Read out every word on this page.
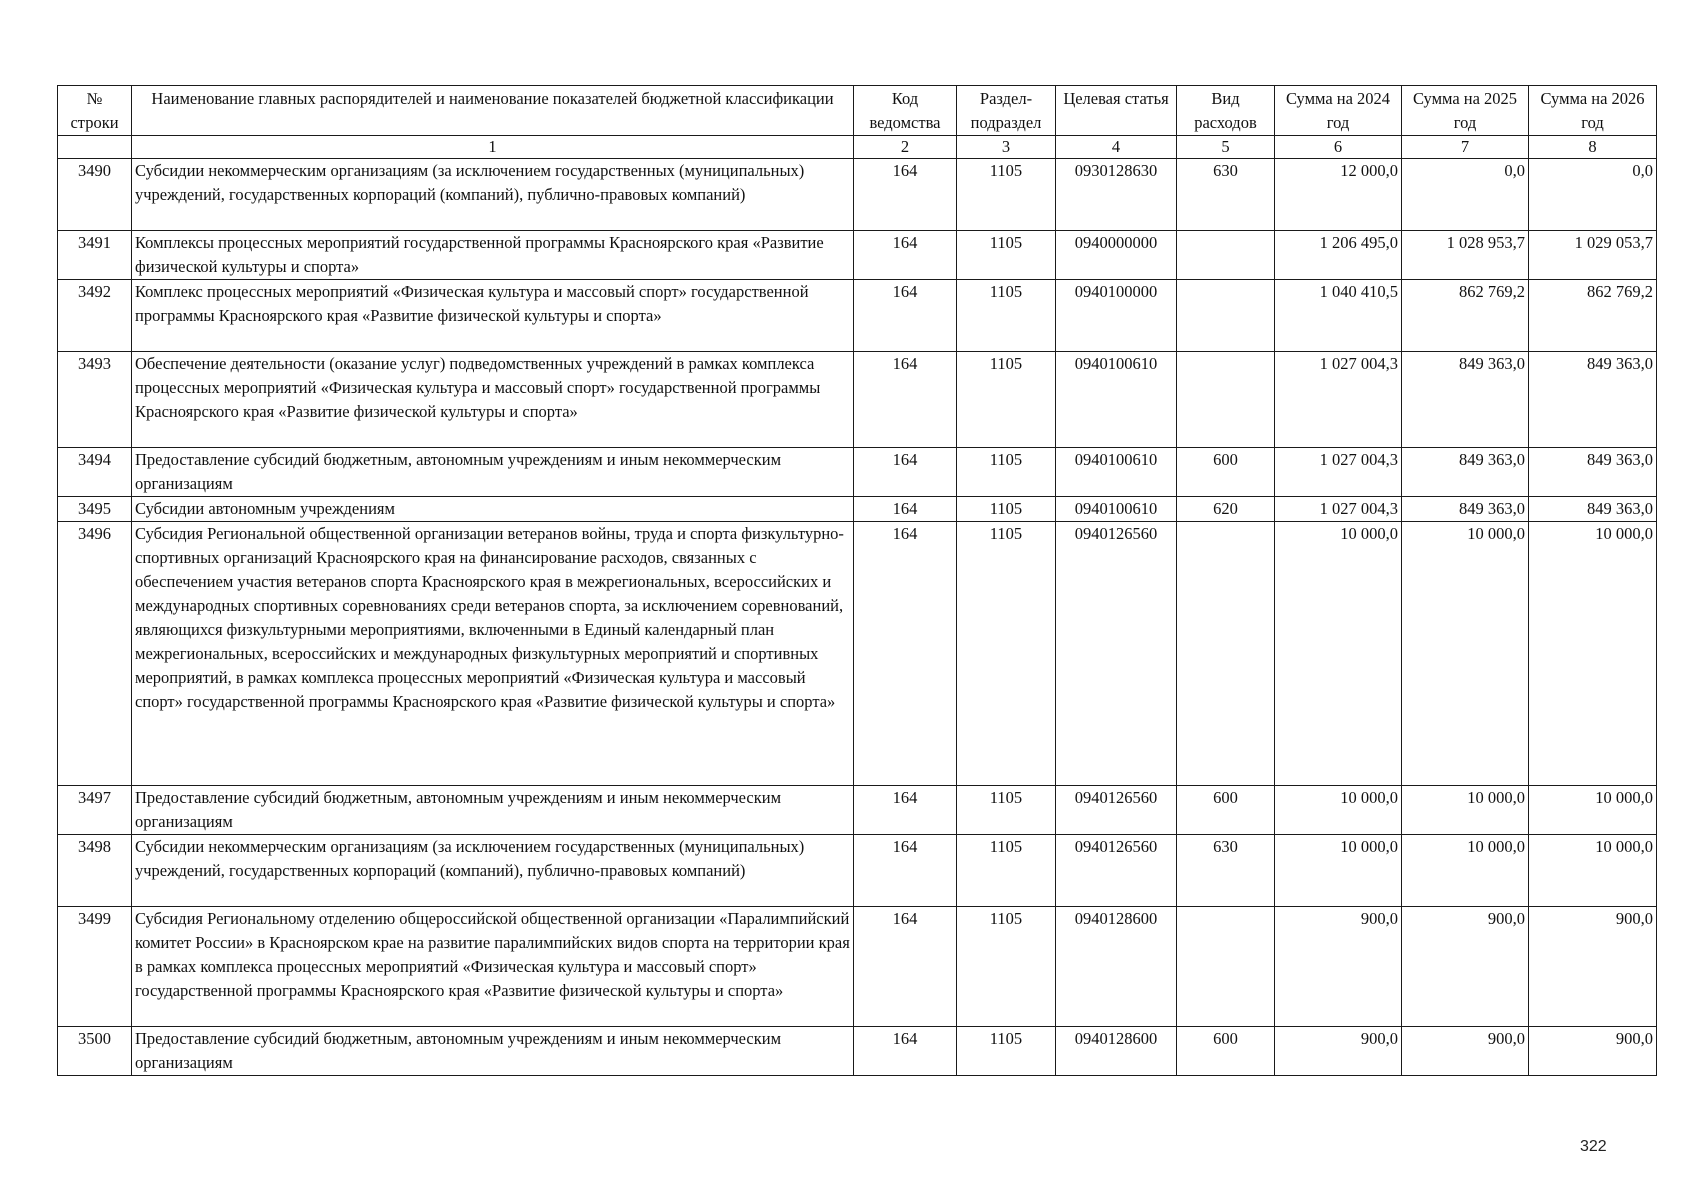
№ строки	Наименование главных распорядителей и наименование показателей бюджетной классификации	Код ведомства	Раздел-подраздел	Целевая статья	Вид расходов	Сумма на 2024 год	Сумма на 2025 год	Сумма на 2026 год
	1	2	3	4	5	6	7	8
3490	Субсидии некоммерческим организациям (за исключением государственных (муниципальных) учреждений, государственных корпораций (компаний), публично-правовых компаний)	164	1105	0930128630	630	12 000,0	0,0	0,0
3491	Комплексы процессных мероприятий государственной программы Красноярского края «Развитие физической культуры и спорта»	164	1105	0940000000		1 206 495,0	1 028 953,7	1 029 053,7
3492	Комплекс процессных мероприятий «Физическая культура и массовый спорт» государственной программы Красноярского края «Развитие физической культуры и спорта»	164	1105	0940100000		1 040 410,5	862 769,2	862 769,2
3493	Обеспечение деятельности (оказание услуг) подведомственных учреждений в рамках комплекса процессных мероприятий «Физическая культура и массовый спорт» государственной программы Красноярского края «Развитие физической культуры и спорта»	164	1105	0940100610		1 027 004,3	849 363,0	849 363,0
3494	Предоставление субсидий бюджетным, автономным учреждениям и иным некоммерческим организациям	164	1105	0940100610	600	1 027 004,3	849 363,0	849 363,0
3495	Субсидии автономным учреждениям	164	1105	0940100610	620	1 027 004,3	849 363,0	849 363,0
3496	Субсидия Региональной общественной организации ветеранов войны, труда и спорта физкультурно-спортивных организаций Красноярского края на финансирование расходов, связанных с обеспечением участия ветеранов спорта Красноярского края в межрегиональных, всероссийских и международных спортивных соревнованиях среди ветеранов спорта, за исключением соревнований, являющихся физкультурными мероприятиями, включенными в Единый календарный план межрегиональных, всероссийских и международных физкультурных мероприятий и спортивных мероприятий, в рамках комплекса процессных мероприятий «Физическая культура и массовый спорт» государственной программы Красноярского края «Развитие физической культуры и спорта»	164	1105	0940126560		10 000,0	10 000,0	10 000,0
3497	Предоставление субсидий бюджетным, автономным учреждениям и иным некоммерческим организациям	164	1105	0940126560	600	10 000,0	10 000,0	10 000,0
3498	Субсидии некоммерческим организациям (за исключением государственных (муниципальных) учреждений, государственных корпораций (компаний), публично-правовых компаний)	164	1105	0940126560	630	10 000,0	10 000,0	10 000,0
3499	Субсидия Региональному отделению общероссийской общественной организации «Паралимпийский комитет России» в Красноярском крае на развитие паралимпийских видов спорта на территории края в рамках комплекса процессных мероприятий «Физическая культура и массовый спорт» государственной программы Красноярского края «Развитие физической культуры и спорта»	164	1105	0940128600		900,0	900,0	900,0
3500	Предоставление субсидий бюджетным, автономным учреждениям и иным некоммерческим организациям	164	1105	0940128600	600	900,0	900,0	900,0
322
